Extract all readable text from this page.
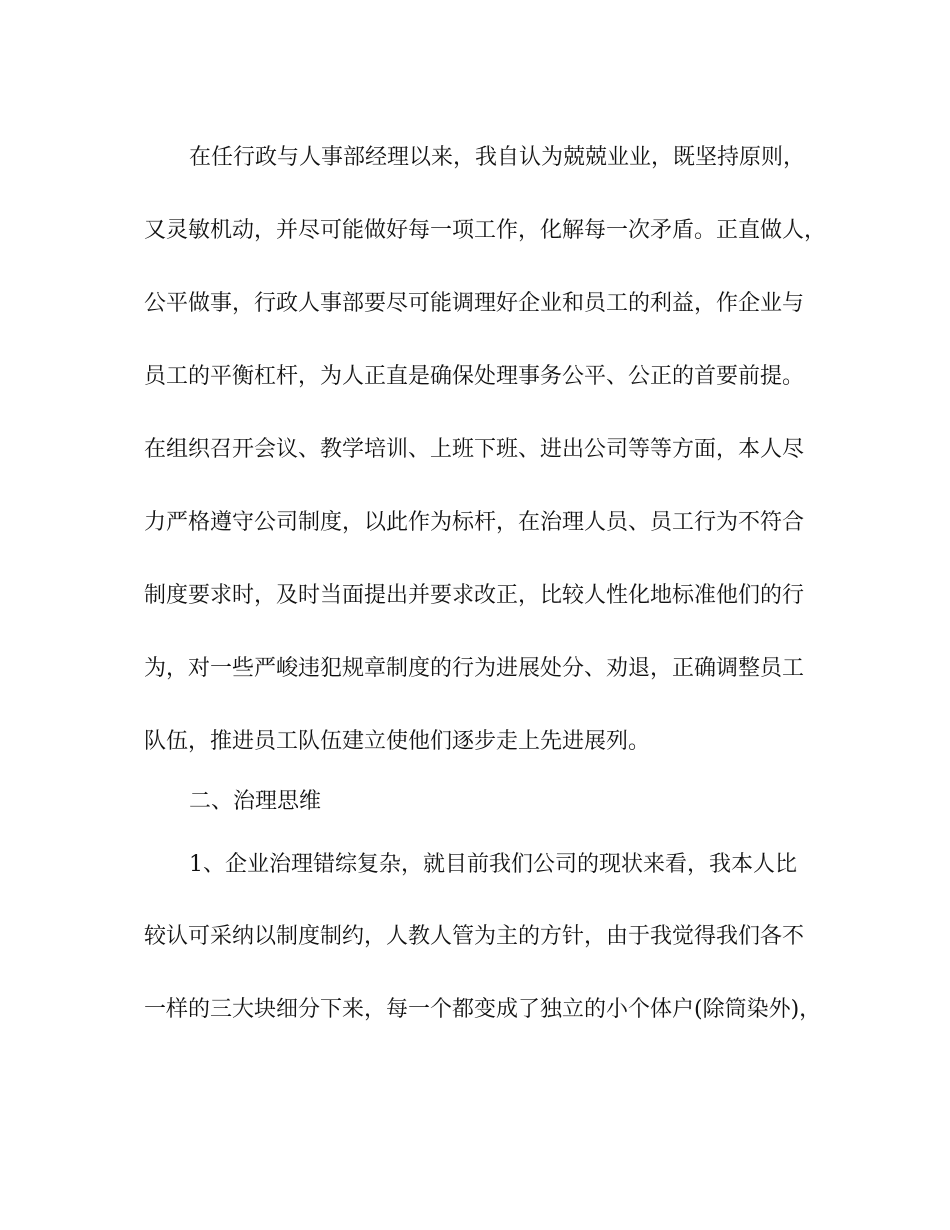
在任行政与人事部经理以来，我自认为兢兢业业，既坚持原则，
又灵敏机动，并尽可能做好每一项工作，化解每一次矛盾。正直做人，
公平做事，行政人事部要尽可能调理好企业和员工的利益，作企业与
员工的平衡杠杆，为人正直是确保处理事务公平、公正的首要前提。
在组织召开会议、教学培训、上班下班、进出公司等等方面，本人尽
力严格遵守公司制度，以此作为标杆，在治理人员、员工行为不符合
制度要求时，及时当面提出并要求改正，比较人性化地标准他们的行
为，对一些严峻违犯规章制度的行为进展处分、劝退，正确调整员工
队伍，推进员工队伍建立使他们逐步走上先进展列。
二、治理思维
1、企业治理错综复杂，就目前我们公司的现状来看，我本人比
较认可采纳以制度制约，人教人管为主的方针，由于我觉得我们各不
一样的三大块细分下来，每一个都变成了独立的小个体户(除筒染外)，
